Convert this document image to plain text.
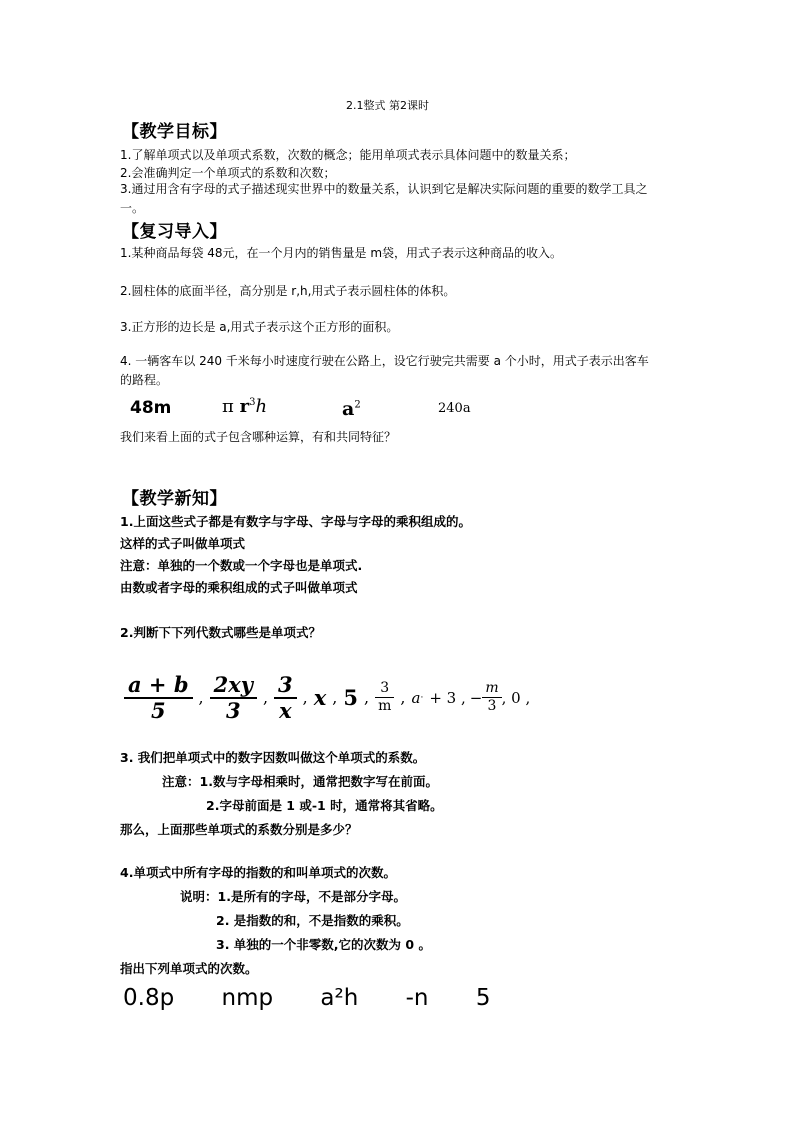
2.1整式 第2课时
【教学目标】
1.了解单项式以及单项式系数，次数的概念；能用单项式表示具体问题中的数量关系；
2.会准确判定一个单项式的系数和次数；
3.通过用含有字母的式子描述现实世界中的数量关系，认识到它是解决实际问题的重要的数学工具之一。
【复习导入】
1.某种商品每袋 48元，在一个月内的销售量是 m袋，用式子表示这种商品的收入。
2.圆柱体的底面半径，高分别是 r,h,用式子表示圆柱体的体积。
3.正方形的边长是 a,用式子表示这个正方形的面积。
4. 一辆客车以 240 千米每小时速度行驶在公路上，设它行驶完共需要 a 个小时，用式子表示出客车的路程。
48m	π $r^3h$	$a^2$	240a
我们来看上面的式子包含哪种运算，有和共同特征？
【教学新知】
1.上面这些式子都是有数字与字母、字母与字母的乘积组成的。
这样的式子叫做单项式
注意：单独的一个数或一个字母也是单项式.
由数或者字母的乘积组成的式子叫做单项式
2.判断下下列代数式哪些是单项式？
$\frac{a + b}{5}$ , $\frac{2xy}{3}$ , $\frac{3}{x}$ , x , 5 , $\frac{3}{m}$ , a · + 3 , − $\frac{m}{3}$ , 0 ,
3. 我们把单项式中的数字因数叫做这个单项式的系数。
注意：1.数与字母相乘时，通常把数字写在前面。
2.字母前面是 1 或-1 时，通常将其省略。
那么，上面那些单项式的系数分别是多少？
4.单项式中所有字母的指数的和叫单项式的次数。
说明：1.是所有的字母，不是部分字母。
2. 是指数的和，不是指数的乘积。
3. 单独的一个非零数,它的次数为 0 。
指出下列单项式的次数。
0.8p nmp a²h -n 5
